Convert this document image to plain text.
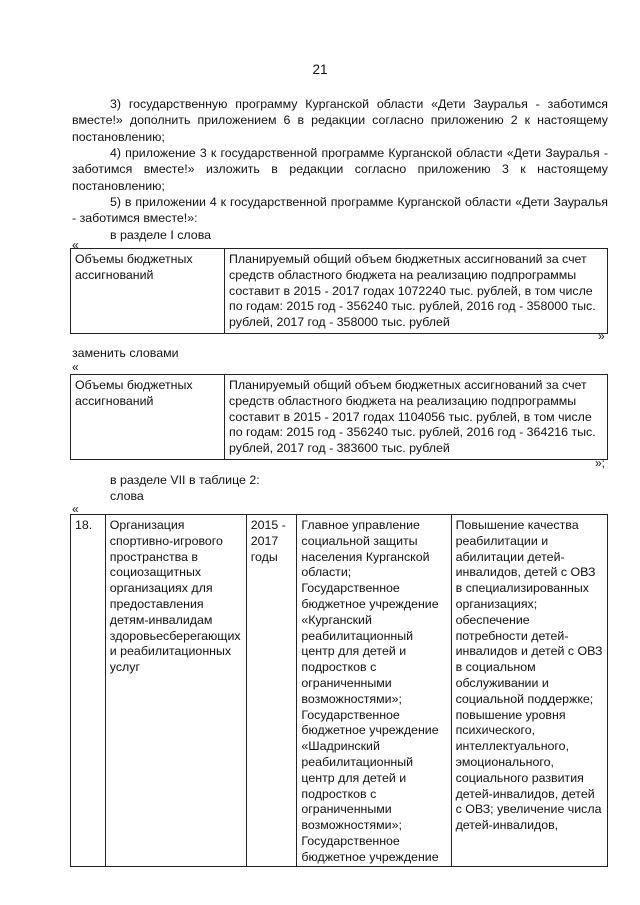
21
3) государственную программу Курганской области «Дети Зауралья - заботимся вместе!» дополнить приложением 6 в редакции согласно приложению 2 к настоящему постановлению;
4) приложение 3 к государственной программе Курганской области «Дети Зауралья - заботимся вместе!» изложить в редакции согласно приложению 3 к настоящему постановлению;
5) в приложении 4 к государственной программе Курганской области «Дети Зауралья - заботимся вместе!»:
в разделе I слова
«
Объемы бюджетных ассигнований	Планируемый общий объем бюджетных ассигнований за счет средств областного бюджета на реализацию подпрограммы составит в 2015 - 2017 годах 1072240 тыс. рублей, в том числе по годам: 2015 год - 356240 тыс. рублей, 2016 год - 358000 тыс. рублей, 2017 год - 358000 тыс. рублей
»
заменить словами
«
Объемы бюджетных ассигнований	Планируемый общий объем бюджетных ассигнований за счет средств областного бюджета на реализацию подпрограммы составит в 2015 - 2017 годах 1104056 тыс. рублей, в том числе по годам: 2015 год - 356240 тыс. рублей, 2016 год - 364216 тыс. рублей, 2017 год - 383600 тыс. рублей
»;
в разделе VII в таблице 2:
слова
«
18.	Организация спортивно-игрового пространства в социозащитных организациях для предоставления детям-инвалидам здоровьесберегающих и реабилитационных услуг	2015 - 2017 годы	Главное управление социальной защиты населения Курганской области; Государственное бюджетное учреждение «Курганский реабилитационный центр для детей и подростков с ограниченными возможностями»; Государственное бюджетное учреждение «Шадринский реабилитационный центр для детей и подростков с ограниченными возможностями»; Государственное бюджетное учреждение	Повышение качества реабилитации и абилитации детей-инвалидов, детей с ОВЗ в специализированных организациях; обеспечение потребности детей-инвалидов и детей с ОВЗ в социальном обслуживании и социальной поддержке; повышение уровня психического, интеллектуального, эмоционального, социального развития детей-инвалидов, детей с ОВЗ; увеличение числа детей-инвалидов,
